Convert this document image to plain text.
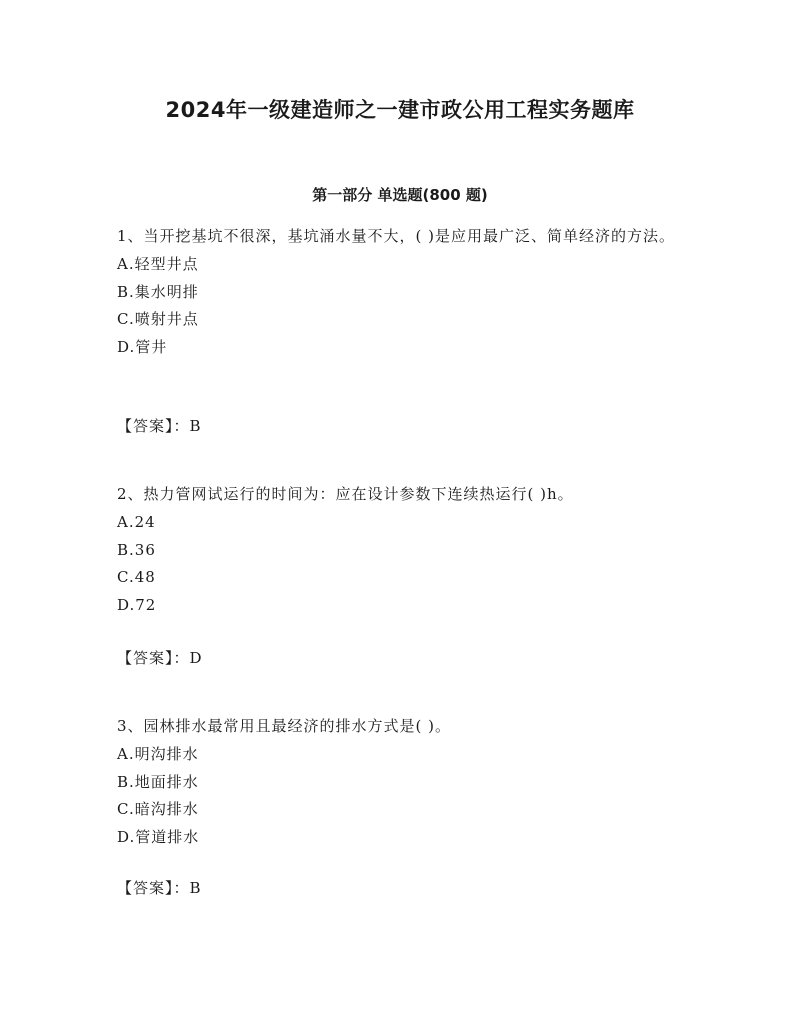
2024年一级建造师之一建市政公用工程实务题库
第一部分 单选题(800 题)

1、当开挖基坑不很深，基坑涌水量不大，( )是应用最广泛、简单经济的方法。

A.轻型井点
B.集水明排
C.喷射井点
D.管井
【答案】：B

2、热力管网试运行的时间为：应在设计参数下连续热运行( )h。

A.24
B.36
C.48
D.72
【答案】：D

3、园林排水最常用且最经济的排水方式是( )。

A.明沟排水
B.地面排水
C.暗沟排水
D.管道排水
【答案】：B
